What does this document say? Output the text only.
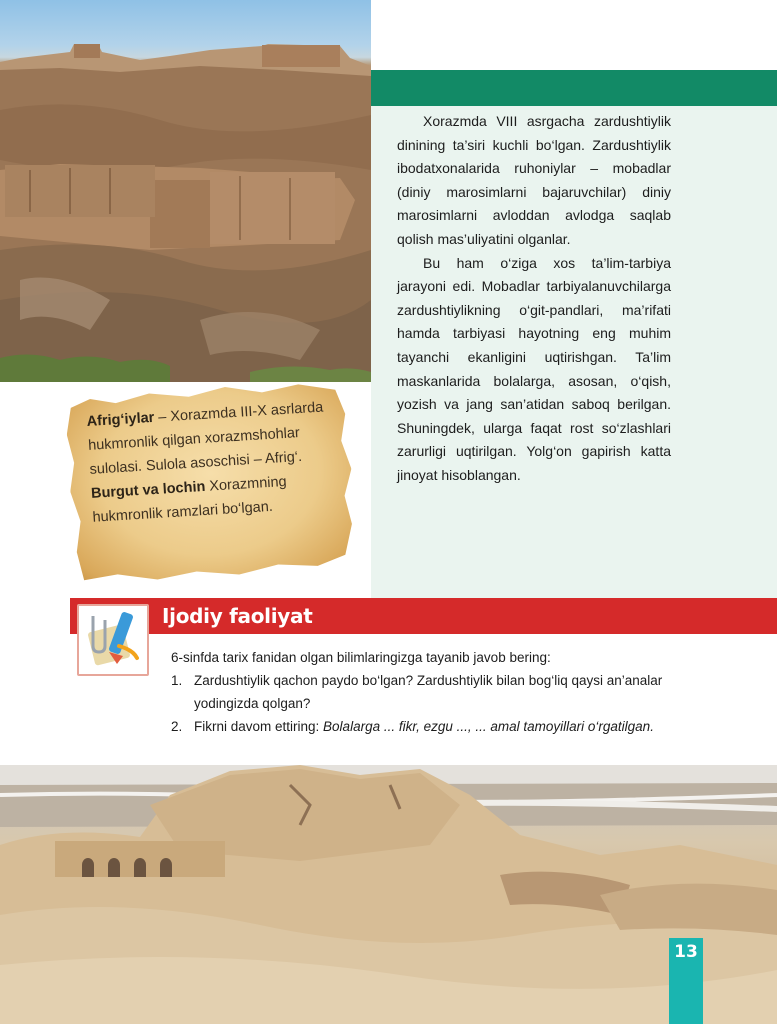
Xorazmda VIII asrgacha zardushtiylik dinining ta’siri kuchli bo‘lgan. Zardushtiylik ibodatxonalarida ruhoniylar – mobadlar (diniy marosimlarni bajaruvchilar) diniy marosimlarni avloddan avlodga saqlab qolish mas’uliyatini olganlar.

Bu ham o‘ziga xos ta’lim-tarbiya jarayoni edi. Mobadlar tarbiyalanuvchilarga zardushtiylikning o‘git-pandlari, ma’rifati hamda tarbiyasi hayotning eng muhim tayanchi ekanligini uqtirishgan. Ta’lim maskanlarida bolalarga, asosan, o‘qish, yozish va jang san’atidan saboq berilgan. Shuningdek, ularga faqat rost so‘zlashlari zarurligi uqtirilgan. Yolg‘on gapirish katta jinoyat hisoblangan.

Afrig‘iylar – Xorazmda III-X asrlarda hukmronlik qilgan xorazmshohlar sulolasi. Sulola asoschisi – Afrig‘. Burgut va lochin Xorazmning hukmronlik ramzlari bo‘lgan.
Ijodiy faoliyat
6-sinfda tarix fanidan olgan bilimlaringizga tayanib javob bering:
1. Zardushtiylik qachon paydo bo‘lgan? Zardushtiylik bilan bog‘liq qaysi an’analar yodingizda qolgan?
2. Fikrni davom ettiring: Bolalarga ... fikr, ezgu ..., ... amal tamoyillari o‘rgatilgan.
13
